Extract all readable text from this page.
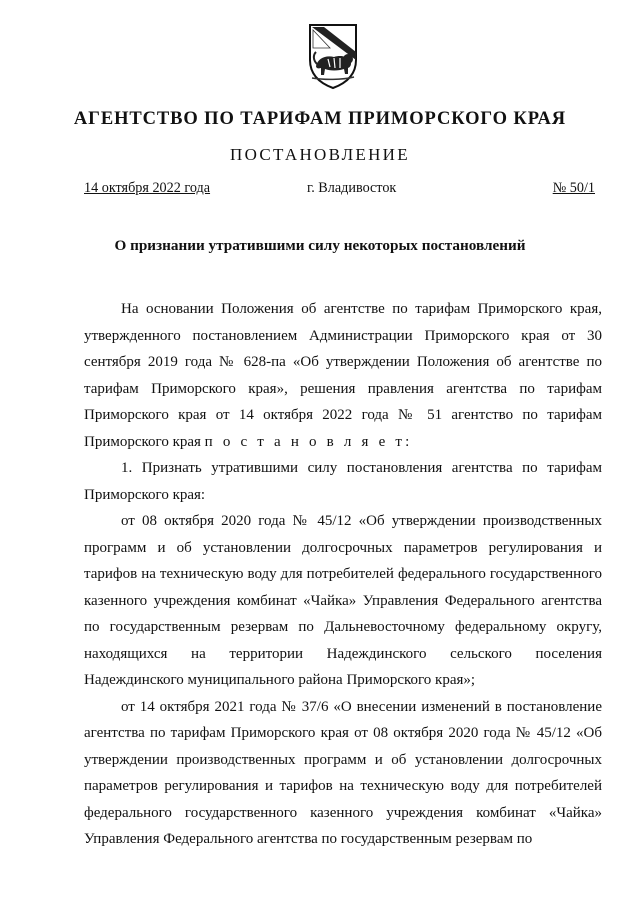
АГЕНТСТВО ПО ТАРИФАМ ПРИМОРСКОГО КРАЯ
ПОСТАНОВЛЕНИЕ
14 октября 2022 года	г. Владивосток	№ 50/1
О признании утратившими силу некоторых постановлений

На основании Положения об агентстве по тарифам Приморского края, утвержденного постановлением Администрации Приморского края от 30 сентября 2019 года № 628-па «Об утверждении Положения об агентстве по тарифам Приморского края», решения правления агентства по тарифам Приморского края от 14 октября 2022 года № 51 агентство по тарифам Приморского края п о с т а н о в л я е т:

1. Признать утратившими силу постановления агентства по тарифам Приморского края:

от 08 октября 2020 года № 45/12 «Об утверждении производственных программ и об установлении долгосрочных параметров регулирования и тарифов на техническую воду для потребителей федерального государственного казенного учреждения комбинат «Чайка» Управления Федерального агентства по государственным резервам по Дальневосточному федеральному округу, находящихся на территории Надеждинского сельского поселения Надеждинского муниципального района Приморского края»;

от 14 октября 2021 года № 37/6 «О внесении изменений в постановление агентства по тарифам Приморского края от 08 октября 2020 года № 45/12 «Об утверждении производственных программ и об установлении долгосрочных параметров регулирования и тарифов на техническую воду для потребителей федерального государственного казенного учреждения комбинат «Чайка» Управления Федерального агентства по государственным резервам по
